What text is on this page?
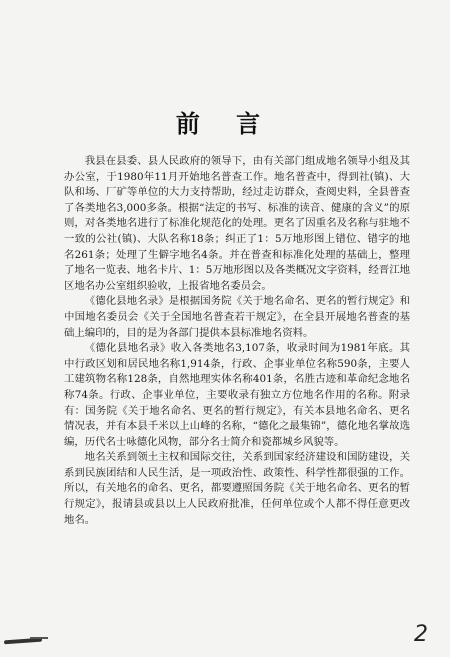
前 言

我县在县委、县人民政府的领导下，由有关部门组成地名领导小组及其办公室，于1980年11月开始地名普查工作。地名普查中，得到社(镇)、大队和场、厂矿等单位的大力支持帮助，经过走访群众，查阅史料，全县普查了各类地名3,000多条。根据“法定的书写、标准的读音、健康的含义”的原则，对各类地名进行了标准化规范化的处理。更名了因重名及名称与驻地不一致的公社(镇)、大队名称18条；纠正了1：5万地形图上错位、错字的地名261条；处理了生僻字地名4条。并在普查和标准化处理的基础上，整理了地名一览表、地名卡片、1：5万地形图以及各类概况文字资料，经晋江地区地名办公室组织验收，上报省地名委员会。

《德化县地名录》是根据国务院《关于地名命名、更名的暂行规定》和中国地名委员会《关于全国地名普查若干规定》，在全县开展地名普查的基础上编印的，目的是为各部门提供本县标准地名资料。

《德化县地名录》收入各类地名3,107条，收录时间为1981年底。其中行政区划和居民地名称1,914条，行政、企事业单位名称590条，主要人工建筑物名称128条，自然地理实体名称401条，名胜古迹和革命纪念地名称74条。行政、企事业单位，主要收录有独立方位地名作用的名称。附录有：国务院《关于地名命名、更名的暂行规定》，有关本县地名命名、更名情况表，并有本县千米以上山峰的名称，“德化之最集锦”，德化地名掌故选编，历代名士咏德化风物，部分名士简介和瓷都城乡风貌等。

地名关系到领土主权和国际交往，关系到国家经济建设和国防建设，关系到民族团结和人民生活，是一项政治性、政策性、科学性都很强的工作。所以，有关地名的命名、更名，都要遵照国务院《关于地名命名、更名的暂行规定》，报请县或县以上人民政府批准，任何单位或个人都不得任意更改地名。

2
